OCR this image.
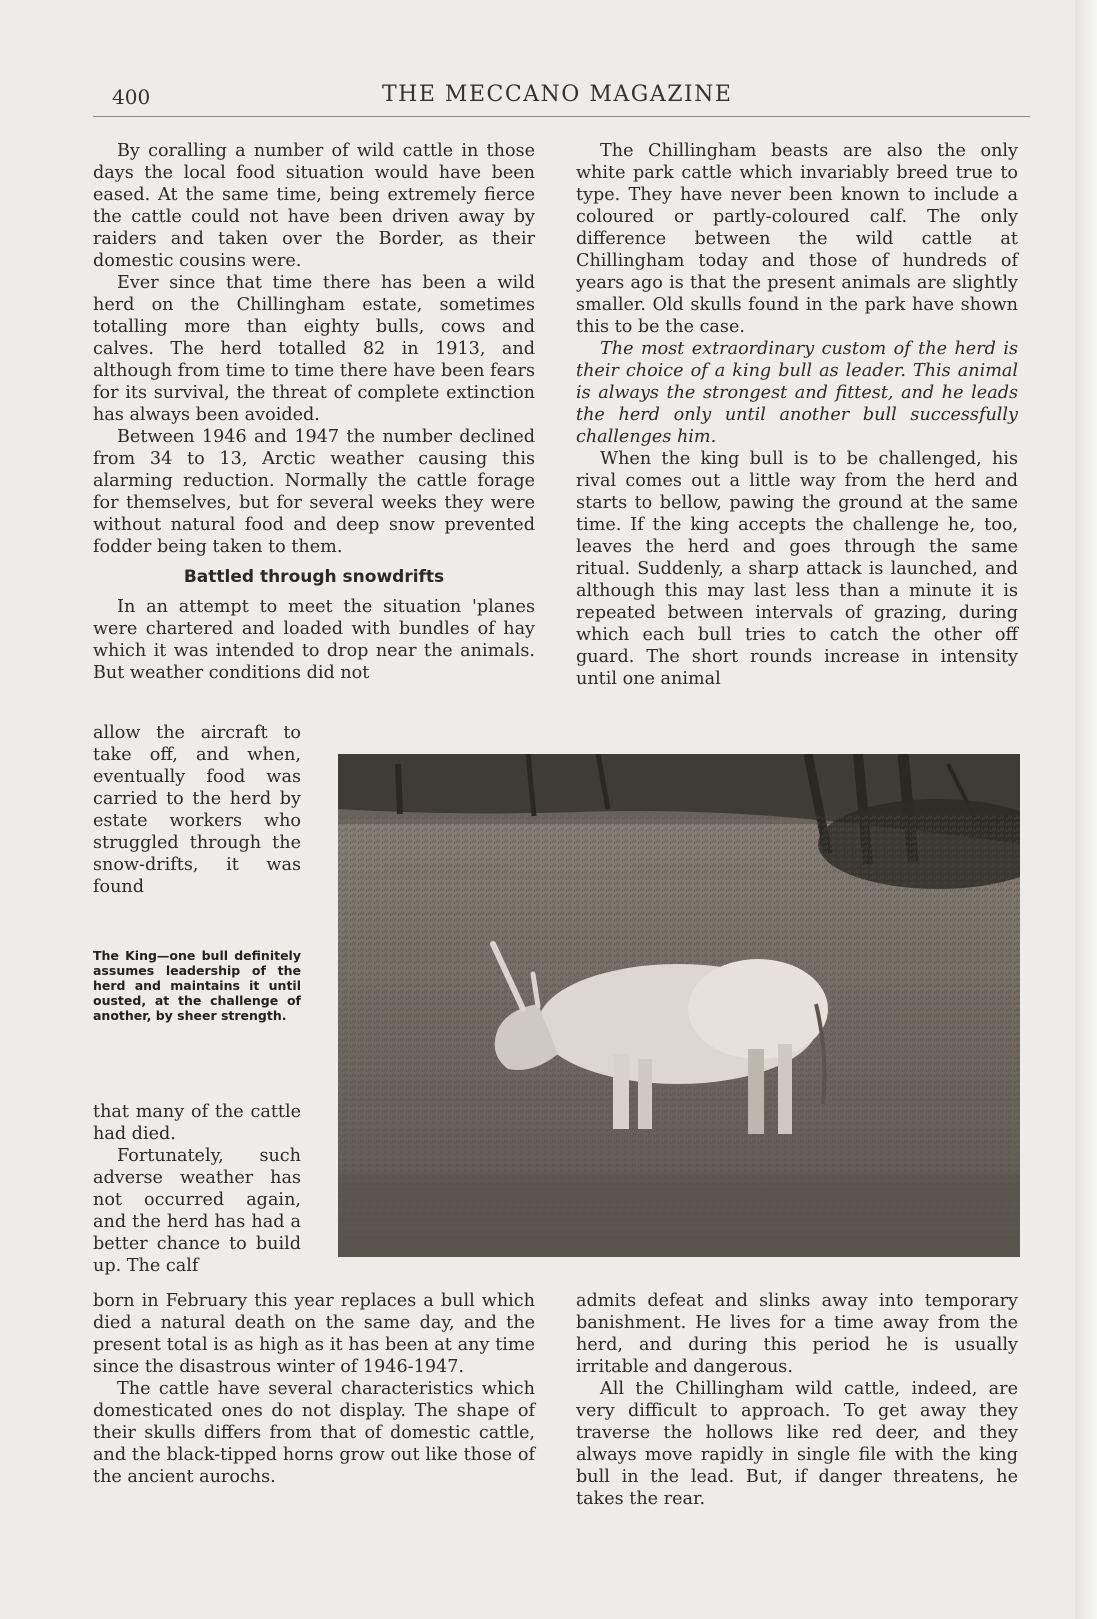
400	THE MECCANO MAGAZINE

By coralling a number of wild cattle in those days the local food situation would have been eased. At the same time, being extremely fierce the cattle could not have been driven away by raiders and taken over the Border, as their domestic cousins were.

Ever since that time there has been a wild herd on the Chillingham estate, sometimes totalling more than eighty bulls, cows and calves. The herd totalled 82 in 1913, and although from time to time there have been fears for its survival, the threat of complete extinction has always been avoided.

Between 1946 and 1947 the number declined from 34 to 13, Arctic weather causing this alarming reduction. Normally the cattle forage for themselves, but for several weeks they were without natural food and deep snow prevented fodder being taken to them.

Battled through snowdrifts

In an attempt to meet the situation 'planes were chartered and loaded with bundles of hay which it was intended to drop near the animals. But weather conditions did not

allow the aircraft to take off, and when, eventually food was carried to the herd by estate workers who struggled through the snow-drifts, it was found

The King—one bull definitely assumes leadership of the herd and maintains it until ousted, at the challenge of another, by sheer strength.

that many of the cattle had died.

Fortunately, such adverse weather has not occurred again, and the herd has had a better chance to build up. The calf

The Chillingham beasts are also the only white park cattle which invariably breed true to type. They have never been known to include a coloured or partly-coloured calf. The only difference between the wild cattle at Chillingham today and those of hundreds of years ago is that the present animals are slightly smaller. Old skulls found in the park have shown this to be the case.

The most extraordinary custom of the herd is their choice of a king bull as leader. This animal is always the strongest and fittest, and he leads the herd only until another bull successfully challenges him.

When the king bull is to be challenged, his rival comes out a little way from the herd and starts to bellow, pawing the ground at the same time. If the king accepts the challenge he, too, leaves the herd and goes through the same ritual. Suddenly, a sharp attack is launched, and although this may last less than a minute it is repeated between intervals of grazing, during which each bull tries to catch the other off guard. The short rounds increase in intensity until one animal

born in February this year replaces a bull which died a natural death on the same day, and the present total is as high as it has been at any time since the disastrous winter of 1946-1947.

The cattle have several characteristics which domesticated ones do not display. The shape of their skulls differs from that of domestic cattle, and the black-tipped horns grow out like those of the ancient aurochs.

admits defeat and slinks away into temporary banishment. He lives for a time away from the herd, and during this period he is usually irritable and dangerous.

All the Chillingham wild cattle, indeed, are very difficult to approach. To get away they traverse the hollows like red deer, and they always move rapidly in single file with the king bull in the lead. But, if danger threatens, he takes the rear.
